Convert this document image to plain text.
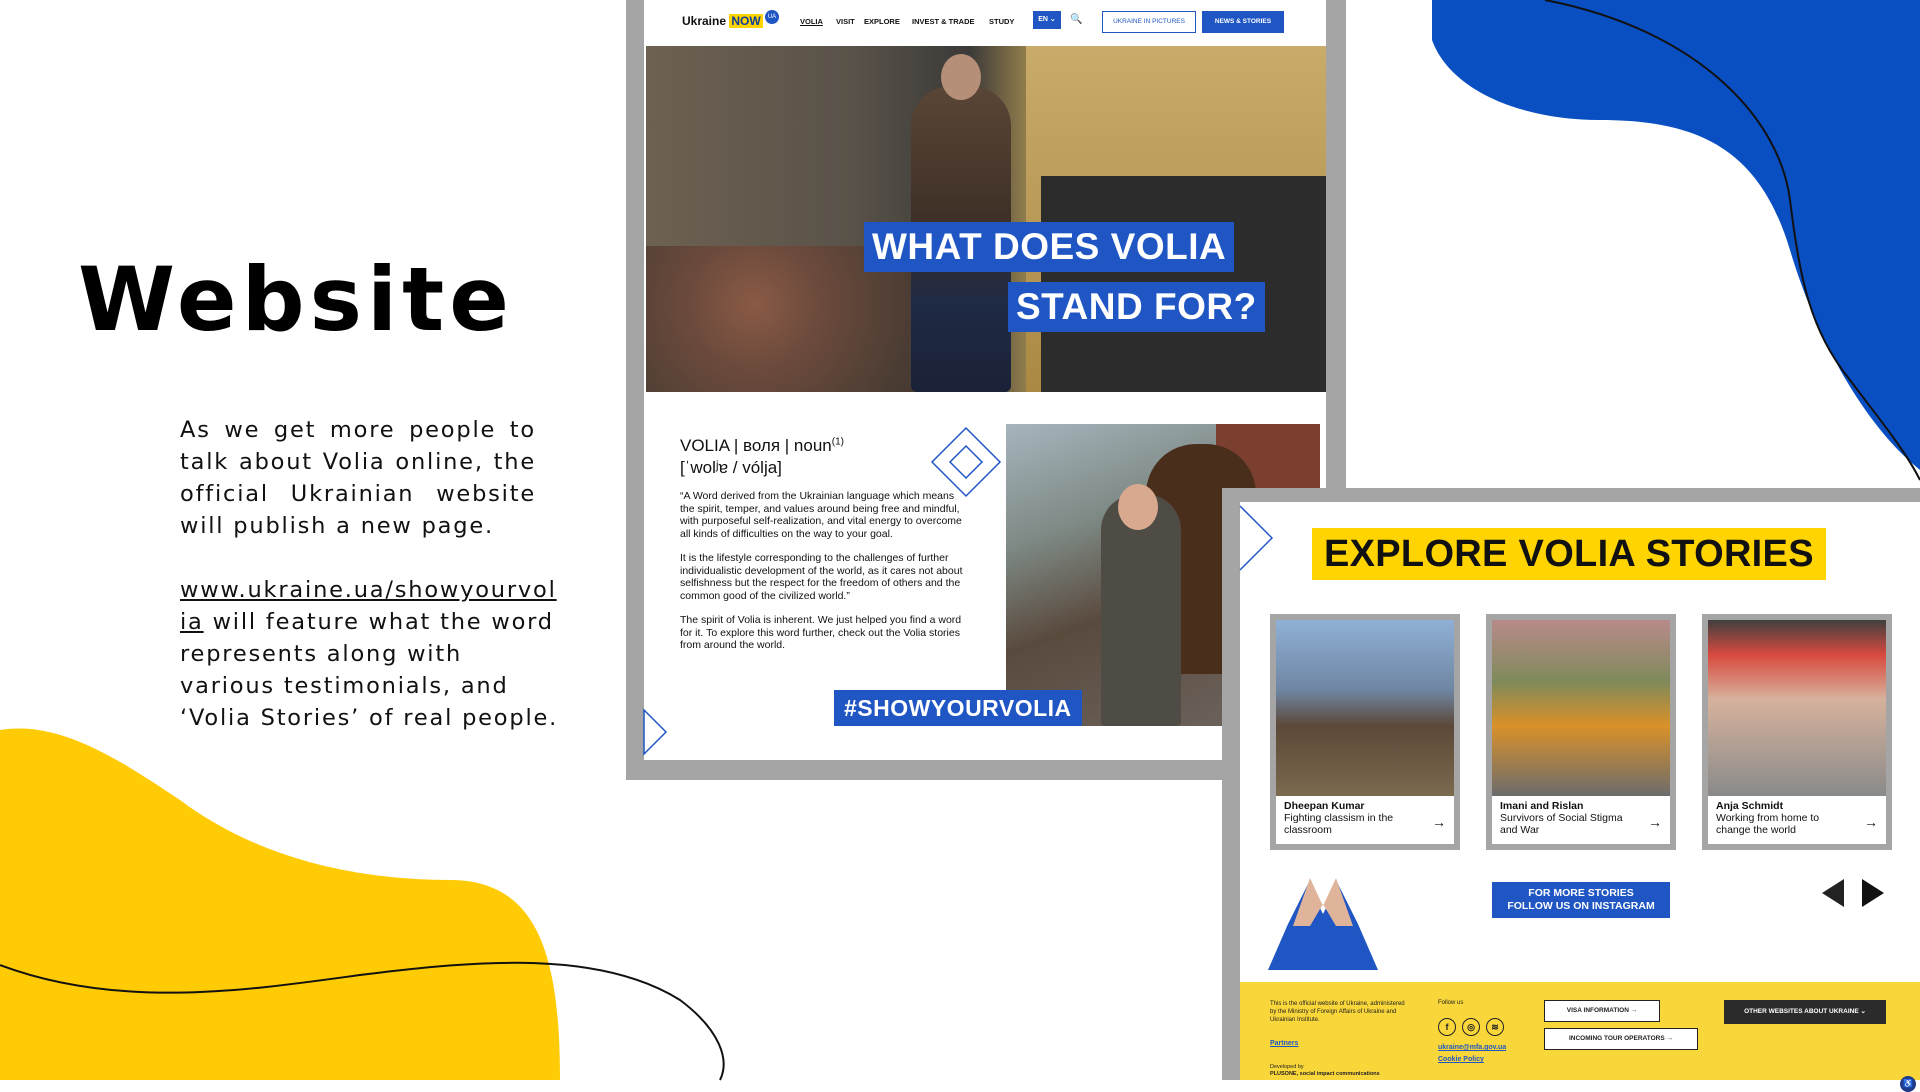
Website

As we get more people to talk about Volia online, the official Ukrainian website will publish a new page.

www.ukraine.ua/showyourvolia will feature what the word represents along with various testimonials, and ‘Volia Stories’ of real people.

Ukraine NOW	UA	VOLIA VISIT EXPLORE INVEST & TRADE STUDY	EN ⌄	🔍	UKRAINE IN PICTURES	NEWS & STORIES
WHAT DOES VOLIA
STAND FOR?
VOLIA | воля | noun$^{(1)}$
[ˈwolʲɐ / vólja]

“A Word derived from the Ukrainian language which means the spirit, temper, and values around being free and mindful, with purposeful self-realization, and vital energy to overcome all kinds of difficulties on the way to your goal.

It is the lifestyle corresponding to the challenges of further individualistic development of the world, as it cares not about selfishness but the respect for the freedom of others and the common good of the civilized world.”

The spirit of Volia is inherent. We just helped you find a word for it. To explore this word further, check out the Volia stories from around the world.

#SHOWYOURVOLIA
EXPLORE VOLIA STORIES
Dheepan Kumar
Fighting classism in the classroom	→
Imani and Rislan
Survivors of Social Stigma and War	→
Anja Schmidt
Working from home to change the world	→
FOR MORE STORIES
FOLLOW US ON INSTAGRAM
This is the official website of Ukraine, administered by the Ministry of Foreign Affairs of Ukraine and Ukrainian Institute.
Partners
Developed by
PLUSONE, social impact communications
Follow us
f	◎	≋
ukraine@mfa.gov.ua
Cookie Policy
VISA INFORMATION →
INCOMING TOUR OPERATORS →
OTHER WEBSITES ABOUT UKRAINE ⌄
♿
